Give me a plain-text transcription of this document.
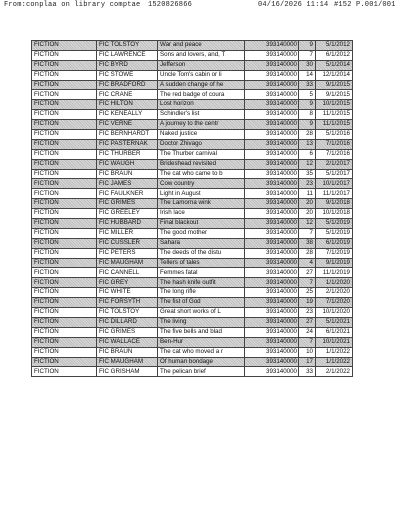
From:conplaa on library comptae 1520826866	04/16/2026 11:14 #152 P.001/001
FICTION	FIC TOLSTOY	War and peace	393140000	9	5/1/2012
FICTION	FIC LAWRENCE	Sons and lovers, and, T	393140000	7	6/1/2012
FICTION	FIC BYRD	Jefferson	393140000	30	5/1/2014
FICTION	FIC STOWE	Uncle Tom's cabin or li	393140000	14	12/1/2014
FICTION	FIC BRADFORD	A sudden change of he	393140000	33	9/1/2015
FICTION	FIC CRANE	The red badge of coura	393140000	5	9/1/2015
FICTION	FIC HILTON	Lost horizon	393140000	9	10/1/2015
FICTION	FIC KENEALLY	Schindler's list	393140000	8	11/1/2015
FICTION	FIC VERNE	A journey to the centr	393140000	9	11/1/2015
FICTION	FIC BERNHARDT	Naked justice	393140000	28	5/1/2016
FICTION	FIC PASTERNAK	Doctor Zhivago	393140000	13	7/1/2016
FICTION	FIC THURBER	The Thurber carnival	393140000	6	7/1/2016
FICTION	FIC WAUGH	Brideshead revisited	393140000	12	2/1/2017
FICTION	FIC BRAUN	The cat who came to b	393140000	35	5/1/2017
FICTION	FIC JAMES	Cow country	393140000	23	10/1/2017
FICTION	FIC FAULKNER	Light in August	393140000	11	11/1/2017
FICTION	FIC GRIMES	The Lamorna wink	393140000	20	9/1/2018
FICTION	FIC GREELEY	Irish lace	393140000	20	10/1/2018
FICTION	FIC HUBBARD	Final blackout	393140000	12	5/1/2019
FICTION	FIC MILLER	The good mother	393140000	7	5/1/2019
FICTION	FIC CUSSLER	Sahara	393140000	38	6/1/2019
FICTION	FIC PETERS	The deeds of the distu	393140000	28	7/1/2019
FICTION	FIC MAUGHAM	Tellers of tales	393140000	4	9/1/2019
FICTION	FIC CANNELL	Femmes fatal	393140000	27	11/1/2019
FICTION	FIC GREY	The hash knife outfit	393140000	7	1/1/2020
FICTION	FIC WHITE	The long rifle	393140000	25	2/1/2020
FICTION	FIC FORSYTH	The fist of God	393140000	19	7/1/2020
FICTION	FIC TOLSTOY	Great short works of L	393140000	23	10/1/2020
FICTION	FIC DILLARD	The living	393140000	27	5/1/2021
FICTION	FIC GRIMES	The five bells and blad	393140000	24	6/1/2021
FICTION	FIC WALLACE	Ben-Hur	393140000	7	10/1/2021
FICTION	FIC BRAUN	The cat who moved a r	393140000	10	1/1/2022
FICTION	FIC MAUGHAM	Of human bondage	393140000	17	1/1/2022
FICTION	FIC GRISHAM	The pelican brief	393140000	33	2/1/2022
